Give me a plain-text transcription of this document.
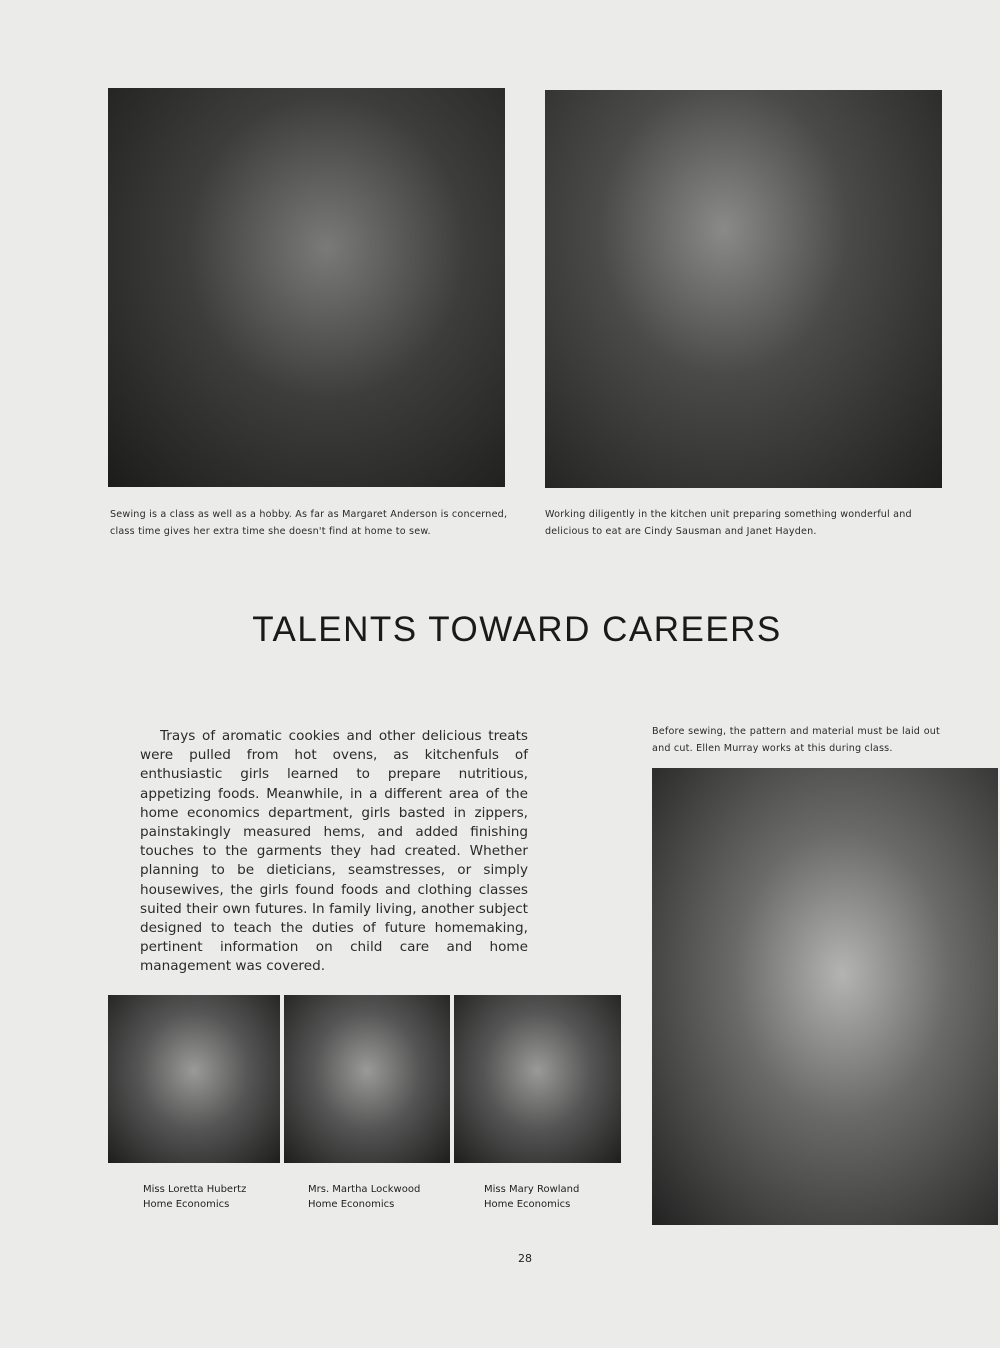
Sewing is a class as well as a hobby. As far as Margaret Anderson is concerned, class time gives her extra time she doesn't find at home to sew.
Working diligently in the kitchen unit preparing something wonderful and delicious to eat are Cindy Sausman and Janet Hayden.
TALENTS TOWARD CAREERS
Trays of aromatic cookies and other delicious treats were pulled from hot ovens, as kitchenfuls of enthusiastic girls learned to prepare nutritious, appetizing foods. Meanwhile, in a different area of the home economics department, girls basted in zippers, painstakingly measured hems, and added finishing touches to the garments they had created. Whether planning to be dieticians, seamstresses, or simply housewives, the girls found foods and clothing classes suited their own futures. In family living, another subject designed to teach the duties of future homemaking, pertinent information on child care and home management was covered.
Before sewing, the pattern and material must be laid out and cut. Ellen Murray works at this during class.
Miss Loretta Hubertz
Home Economics
Mrs. Martha Lockwood
Home Economics
Miss Mary Rowland
Home Economics
28
